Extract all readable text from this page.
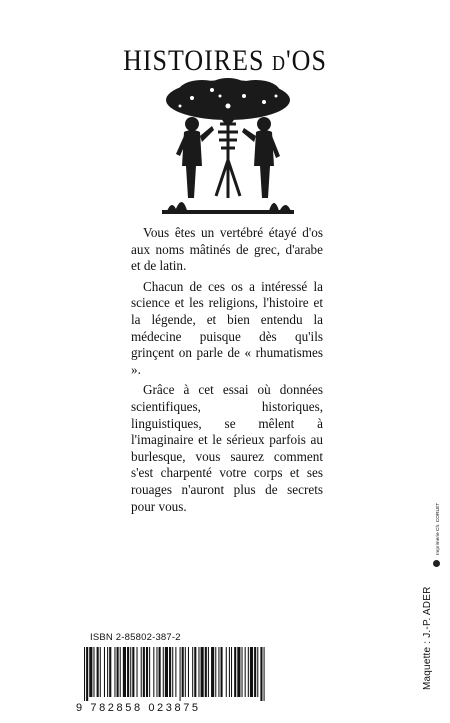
HISTOIRES d'OS

Vous êtes un vertébré étayé d'os aux noms mâtinés de grec, d'arabe et de latin.

Chacun de ces os a intéressé la science et les religions, l'histoire et la légende, et bien entendu la médecine puisque dès qu'ils grinçent on parle de « rhumatismes ».

Grâce à cet essai où données scientifiques, historiques, linguistiques, se mêlent à l'imaginaire et le sérieux parfois au burlesque, vous saurez comment s'est charpenté votre corps et ses rouages n'auront plus de secrets pour vous.

ISBN 2-85802-387-2
9 782858 023875
Maquette : J.-P. ADER
Imprimerie Ch. CORLET
